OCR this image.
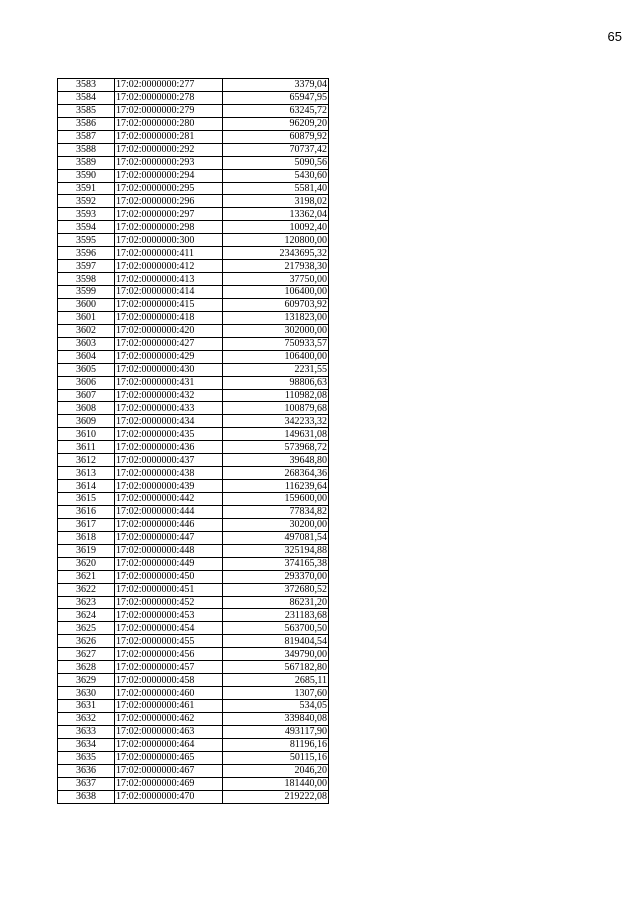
65
3583	17:02:0000000:277	3379,04
3584	17:02:0000000:278	65947,95
3585	17:02:0000000:279	63245,72
3586	17:02:0000000:280	96209,20
3587	17:02:0000000:281	60879,92
3588	17:02:0000000:292	70737,42
3589	17:02:0000000:293	5090,56
3590	17:02:0000000:294	5430,60
3591	17:02:0000000:295	5581,40
3592	17:02:0000000:296	3198,02
3593	17:02:0000000:297	13362,04
3594	17:02:0000000:298	10092,40
3595	17:02:0000000:300	120800,00
3596	17:02:0000000:411	2343695,32
3597	17:02:0000000:412	217938,30
3598	17:02:0000000:413	37750,00
3599	17:02:0000000:414	106400,00
3600	17:02:0000000:415	609703,92
3601	17:02:0000000:418	131823,00
3602	17:02:0000000:420	302000,00
3603	17:02:0000000:427	750933,57
3604	17:02:0000000:429	106400,00
3605	17:02:0000000:430	2231,55
3606	17:02:0000000:431	98806,63
3607	17:02:0000000:432	110982,08
3608	17:02:0000000:433	100879,68
3609	17:02:0000000:434	342233,32
3610	17:02:0000000:435	149631,08
3611	17:02:0000000:436	573968,72
3612	17:02:0000000:437	39648,80
3613	17:02:0000000:438	268364,36
3614	17:02:0000000:439	116239,64
3615	17:02:0000000:442	159600,00
3616	17:02:0000000:444	77834,82
3617	17:02:0000000:446	30200,00
3618	17:02:0000000:447	497081,54
3619	17:02:0000000:448	325194,88
3620	17:02:0000000:449	374165,38
3621	17:02:0000000:450	293370,00
3622	17:02:0000000:451	372680,52
3623	17:02:0000000:452	86231,20
3624	17:02:0000000:453	231183,68
3625	17:02:0000000:454	563700,50
3626	17:02:0000000:455	819404,54
3627	17:02:0000000:456	349790,00
3628	17:02:0000000:457	567182,80
3629	17:02:0000000:458	2685,11
3630	17:02:0000000:460	1307,60
3631	17:02:0000000:461	534,05
3632	17:02:0000000:462	339840,08
3633	17:02:0000000:463	493117,90
3634	17:02:0000000:464	81196,16
3635	17:02:0000000:465	50115,16
3636	17:02:0000000:467	2046,20
3637	17:02:0000000:469	181440,00
3638	17:02:0000000:470	219222,08
